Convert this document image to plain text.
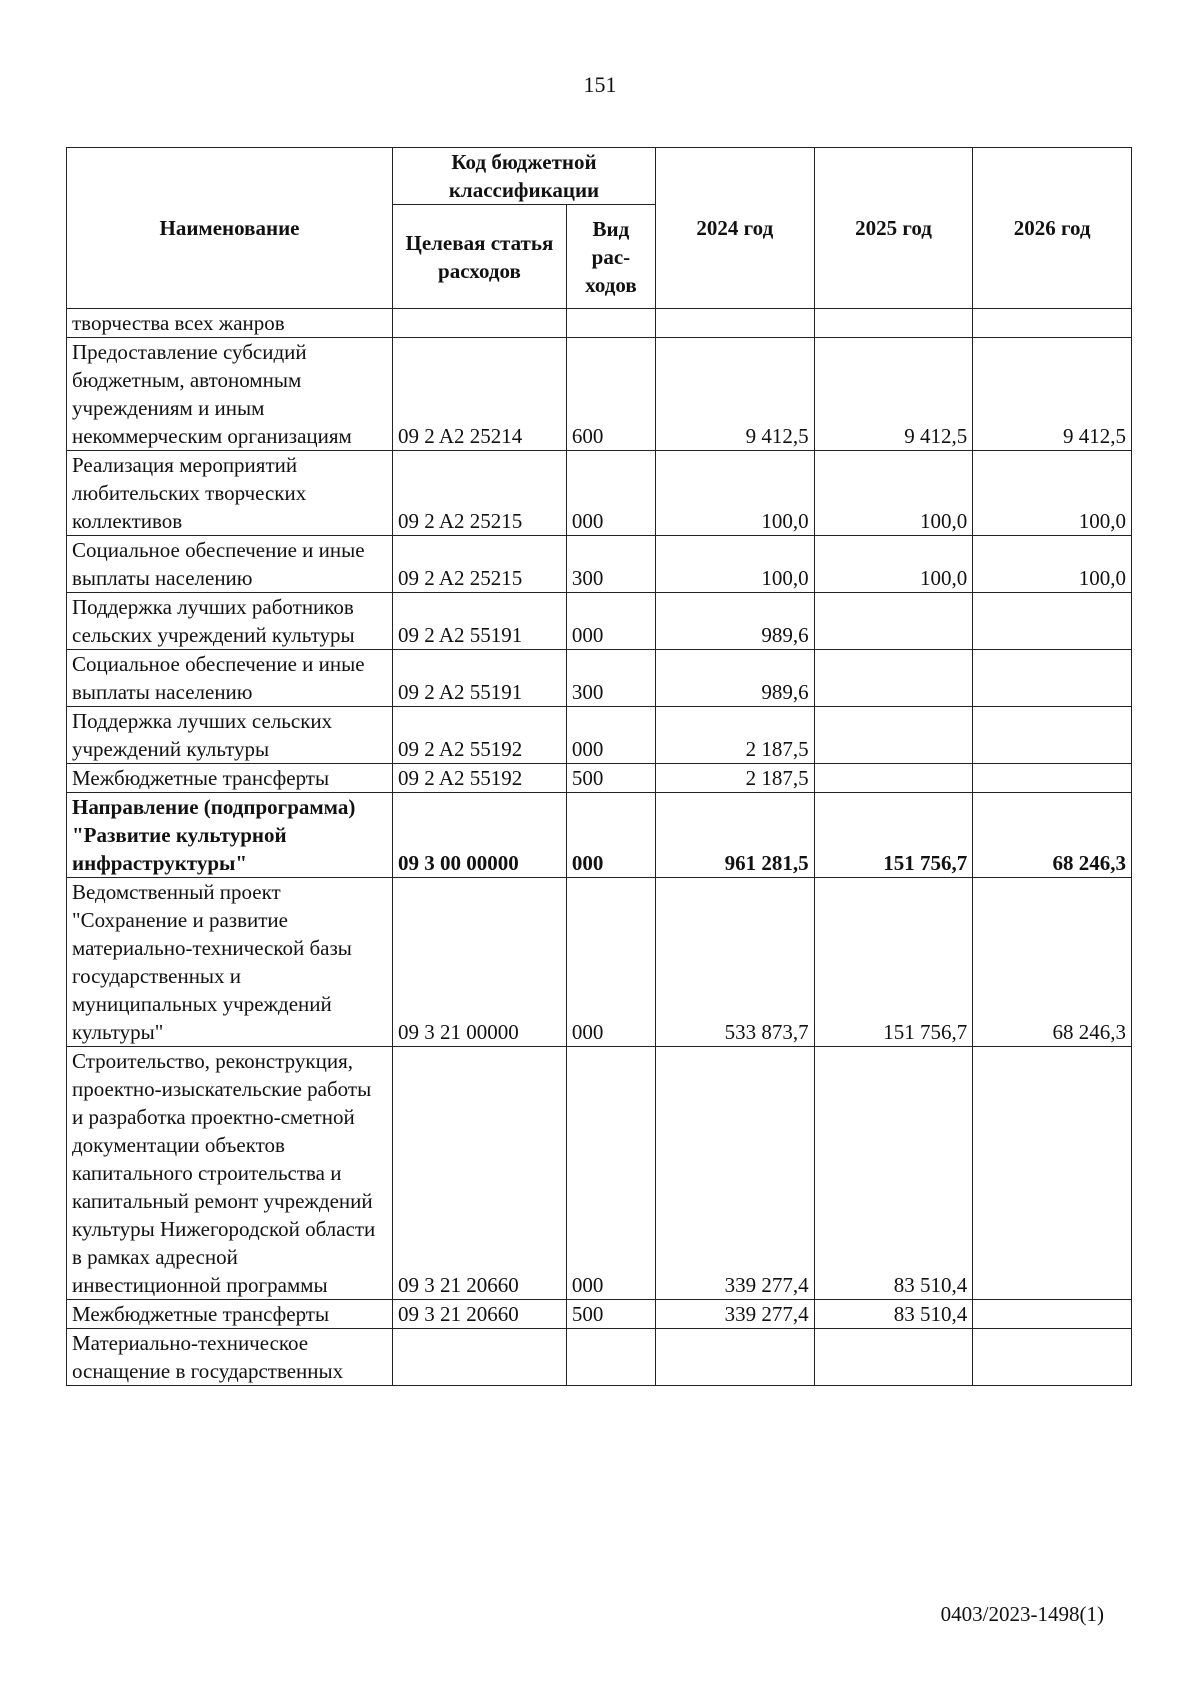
151
Наименование	Код бюджетной классификации		2024 год	2025 год	2026 год
	Целевая статья расходов	Вид рас- ходов			
творчества всех жанров					
Предоставление субсидий бюджетным, автономным учреждениям и иным некоммерческим организациям	09 2 A2 25214	600	9 412,5	9 412,5	9 412,5
Реализация мероприятий любительских творческих коллективов	09 2 A2 25215	000	100,0	100,0	100,0
Социальное обеспечение и иные выплаты населению	09 2 A2 25215	300	100,0	100,0	100,0
Поддержка лучших работников сельских учреждений культуры	09 2 A2 55191	000	989,6		
Социальное обеспечение и иные выплаты населению	09 2 A2 55191	300	989,6		
Поддержка лучших сельских учреждений культуры	09 2 A2 55192	000	2 187,5		
Межбюджетные трансферты	09 2 A2 55192	500	2 187,5		
Направление (подпрограмма) "Развитие культурной инфраструктуры"	09 3 00 00000	000	961 281,5	151 756,7	68 246,3
Ведомственный проект "Сохранение и развитие материально-технической базы государственных и муниципальных учреждений культуры"	09 3 21 00000	000	533 873,7	151 756,7	68 246,3
Строительство, реконструкция, проектно-изыскательские работы и разработка проектно-сметной документации объектов капитального строительства и капитальный ремонт учреждений культуры Нижегородской области в рамках адресной инвестиционной программы	09 3 21 20660	000	339 277,4	83 510,4	
Межбюджетные трансферты	09 3 21 20660	500	339 277,4	83 510,4	
Материально-техническое оснащение в государственных					
0403/2023-1498(1)
